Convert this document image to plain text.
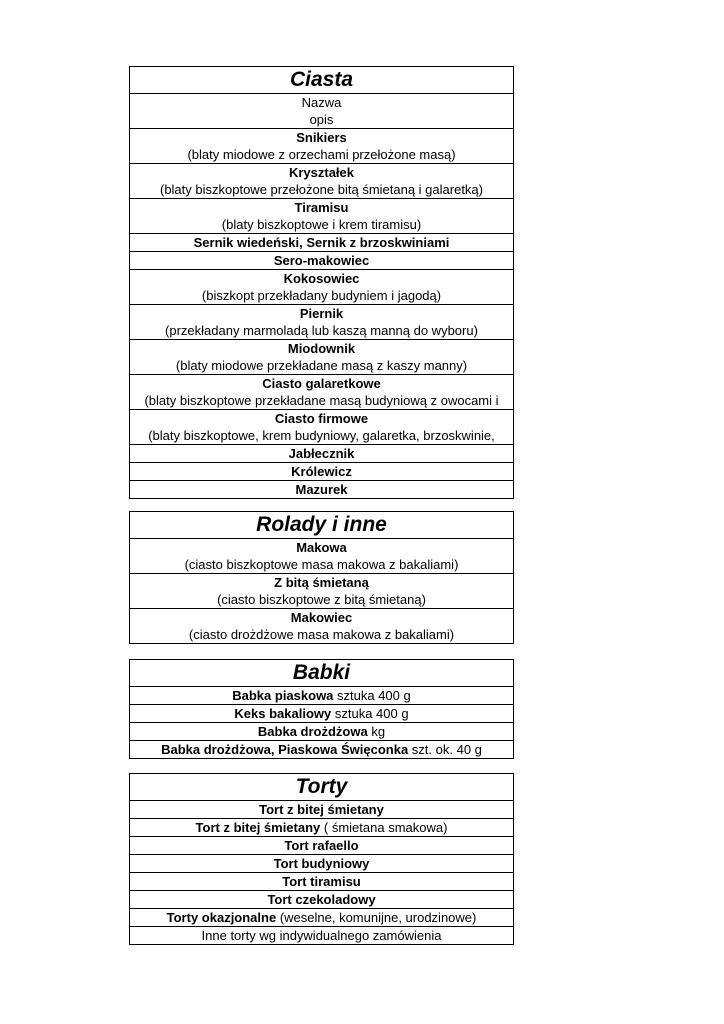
Ciasta
Nazwa
opis
Snikiers
(blaty miodowe z orzechami przełożone masą)
Kryształek
(blaty biszkoptowe przełożone bitą śmietaną i galaretką)
Tiramisu
(blaty biszkoptowe i krem tiramisu)
Sernik wiedeński, Sernik z brzoskwiniami
Sero-makowiec
Kokosowiec
(biszkopt przekładany budyniem i jagodą)
Piernik
(przekładany marmoladą lub kaszą manną do wyboru)
Miodownik
(blaty miodowe przekładane masą z kaszy manny)
Ciasto galaretkowe
(blaty biszkoptowe przekładane masą budyniową z owocami i
Ciasto firmowe
(blaty biszkoptowe, krem budyniowy, galaretka, brzoskwinie,
Jabłecznik
Królewicz
Mazurek
Rolady i inne
Makowa
(ciasto biszkoptowe masa makowa z bakaliami)
Z bitą śmietaną
(ciasto biszkoptowe z bitą śmietaną)
Makowiec
(ciasto drożdżowe masa makowa z bakaliami)
Babki
Babka piaskowa sztuka 400 g
Keks bakaliowy sztuka 400 g
Babka drożdżowa kg
Babka drożdżowa, Piaskowa Święconka szt. ok. 40 g
Torty
Tort z bitej śmietany
Tort z bitej śmietany ( śmietana smakowa)
Tort rafaello
Tort budyniowy
Tort tiramisu
Tort czekoladowy
Torty okazjonalne (weselne, komunijne, urodzinowe)
Inne torty wg indywidualnego zamówienia
